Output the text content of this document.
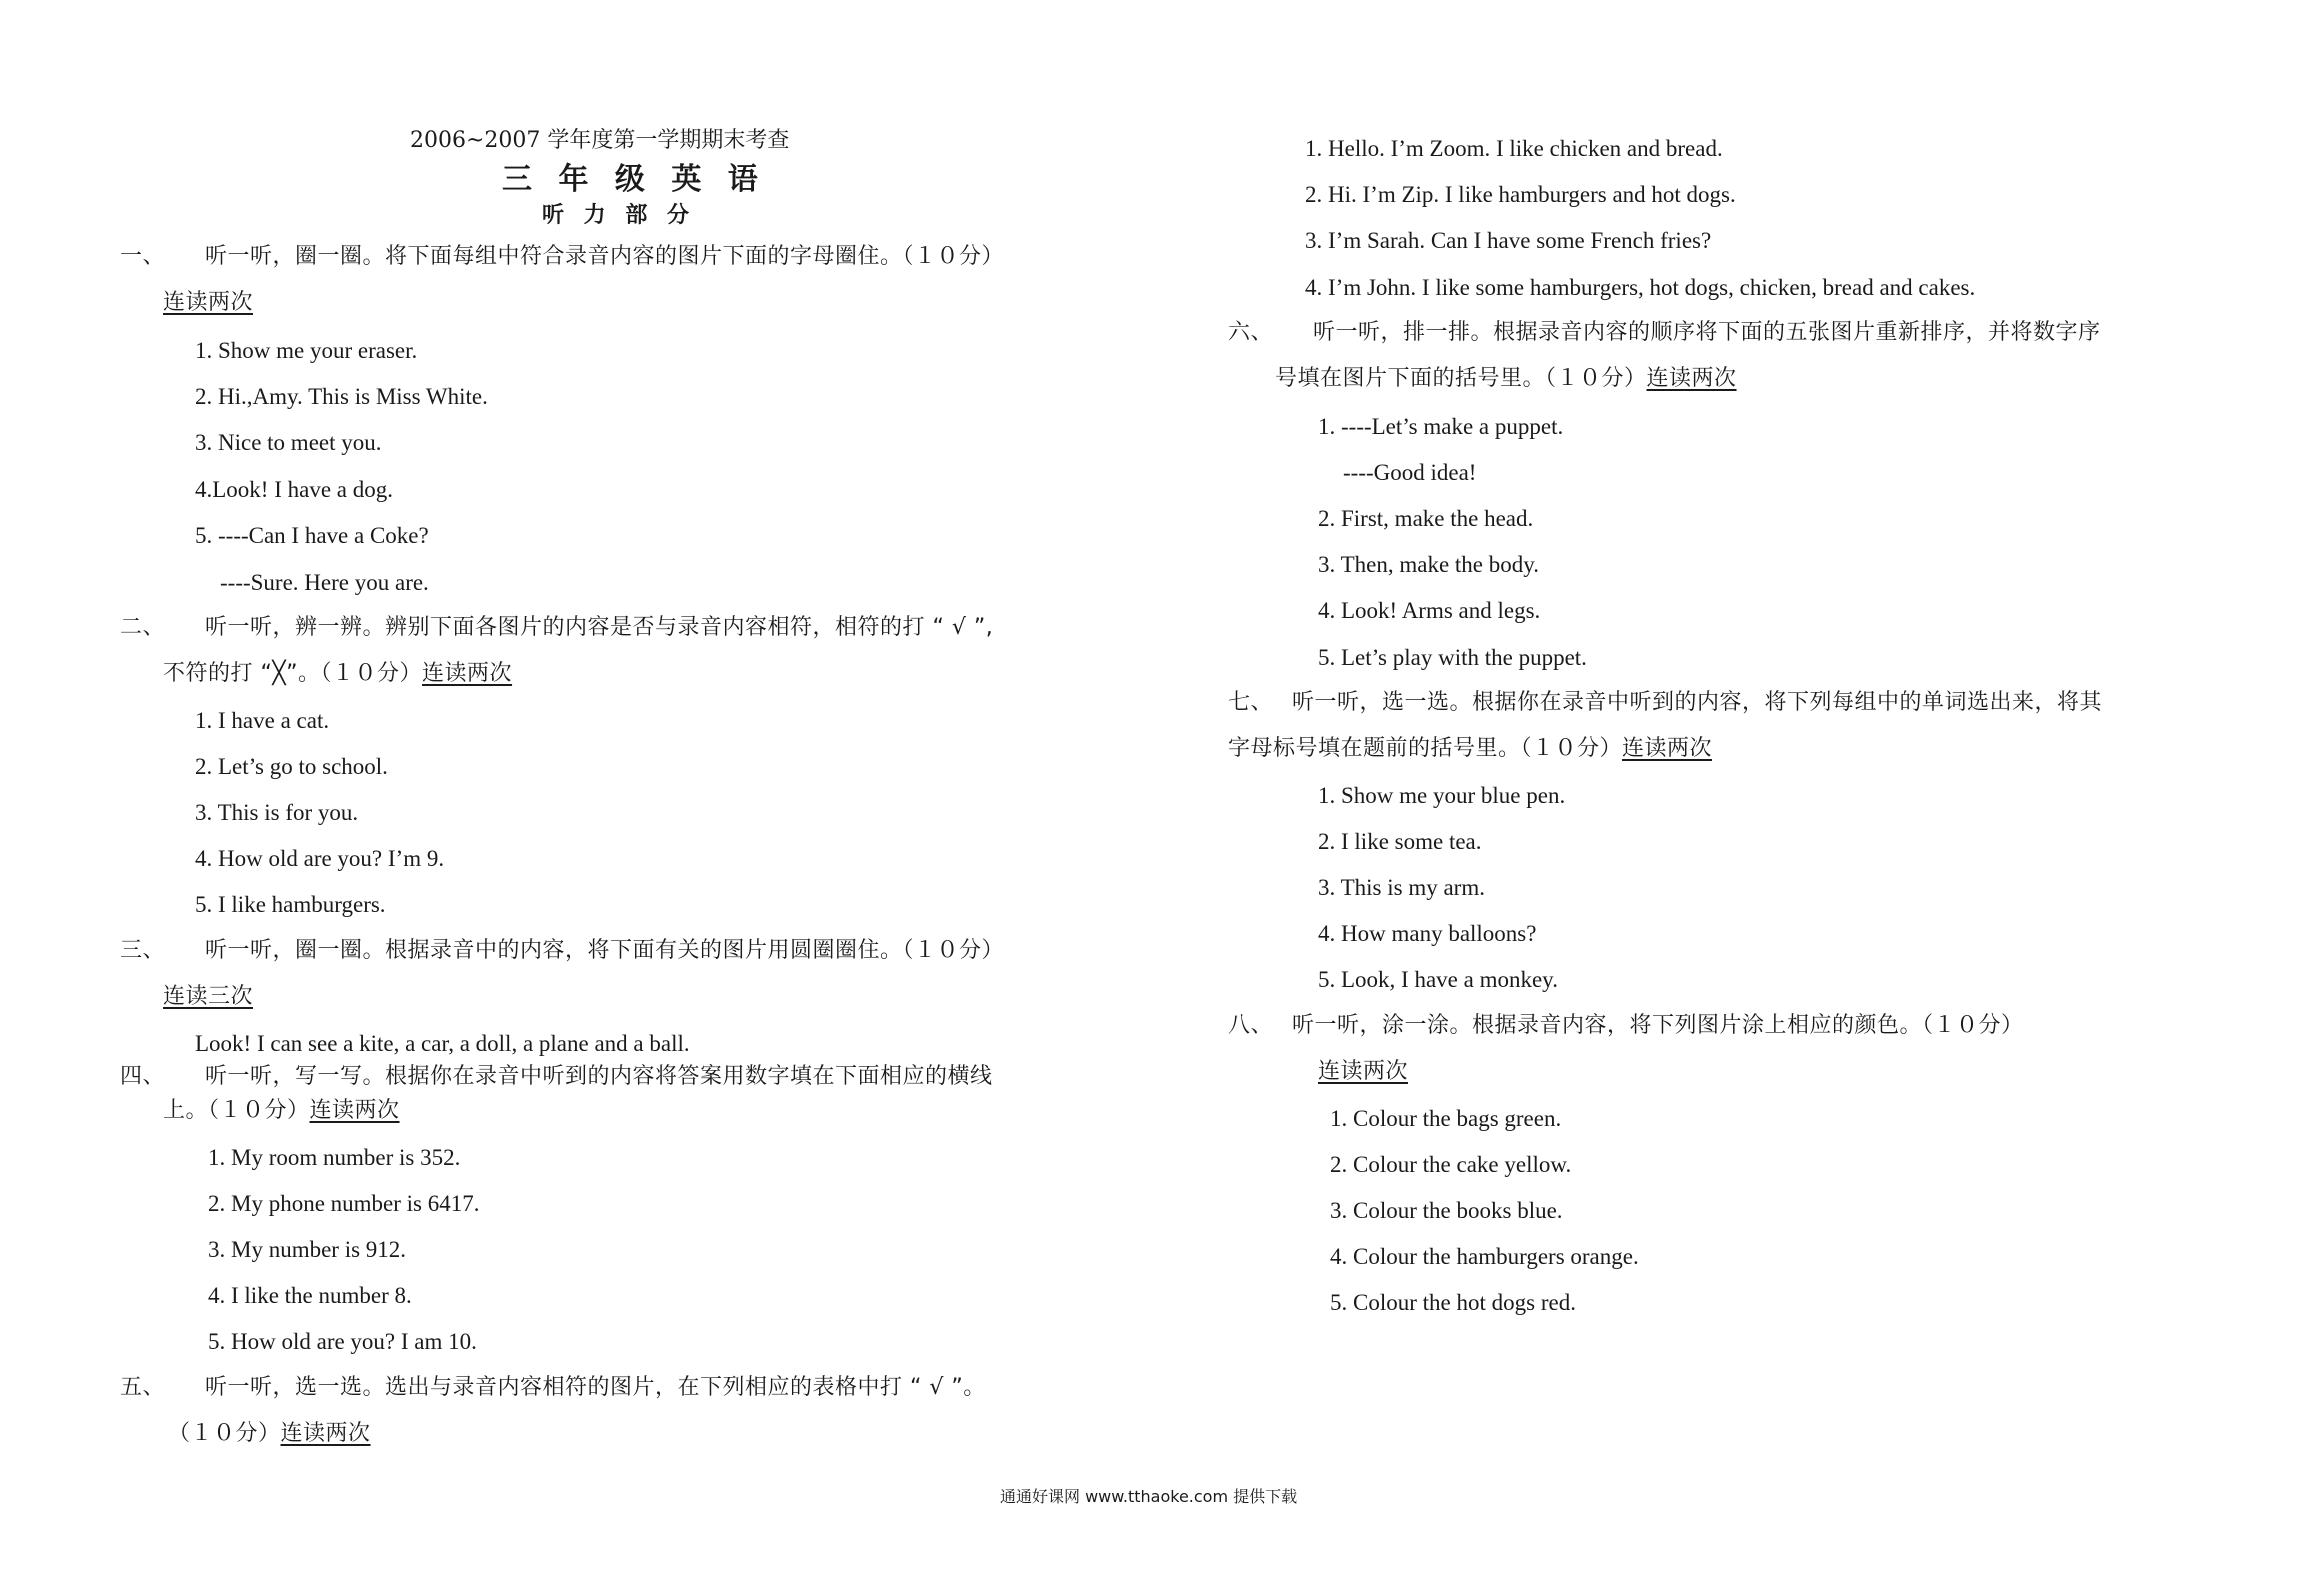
2006~2007 学年度第一学期期末考查
三 年 级 英 语
听 力 部 分
一、 听一听，圈一圈。将下面每组中符合录音内容的图片下面的字母圈住。（１０分）
连读两次
1. Show me your eraser.
2. Hi.,Amy. This is Miss White.
3. Nice to meet you.
4.Look! I have a dog.
5. ----Can I have a Coke?
----Sure. Here you are.
二、 听一听，辨一辨。辨别下面各图片的内容是否与录音内容相符，相符的打 “ √ ”,
不符的打 “╳”。（１０分）连读两次
1. I have a cat.
2. Let’s go to school.
3. This is for you.
4. How old are you? I’m 9.
5. I like hamburgers.
三、 听一听，圈一圈。根据录音中的内容，将下面有关的图片用圆圈圈住。（１０分）
连读三次
Look! I can see a kite, a car, a doll, a plane and a ball.
四、 听一听，写一写。根据你在录音中听到的内容将答案用数字填在下面相应的横线
上。（１０分）连读两次
1. My room number is 352.
2. My phone number is 6417.
3. My number is 912.
4. I like the number 8.
5. How old are you? I am 10.
五、 听一听，选一选。选出与录音内容相符的图片，在下列相应的表格中打 “ √ ”。
（１０分）连读两次
1. Hello. I’m Zoom. I like chicken and bread.
2. Hi. I’m Zip. I like hamburgers and hot dogs.
3. I’m Sarah. Can I have some French fries?
4. I’m John. I like some hamburgers, hot dogs, chicken, bread and cakes.
六、 听一听，排一排。根据录音内容的顺序将下面的五张图片重新排序，并将数字序
号填在图片下面的括号里。（１０分）连读两次
1. ----Let’s make a puppet.
----Good idea!
2. First, make the head.
3. Then, make the body.
4. Look! Arms and legs.
5. Let’s play with the puppet.
七、 听一听，选一选。根据你在录音中听到的内容，将下列每组中的单词选出来，将其
字母标号填在题前的括号里。（１０分）连读两次
1. Show me your blue pen.
2. I like some tea.
3. This is my arm.
4. How many balloons?
5. Look, I have a monkey.
八、 听一听，涂一涂。根据录音内容，将下列图片涂上相应的颜色。（１０分）
连读两次
1. Colour the bags green.
2. Colour the cake yellow.
3. Colour the books blue.
4. Colour the hamburgers orange.
5. Colour the hot dogs red.
通通好课网 www.tthaoke.com 提供下载
